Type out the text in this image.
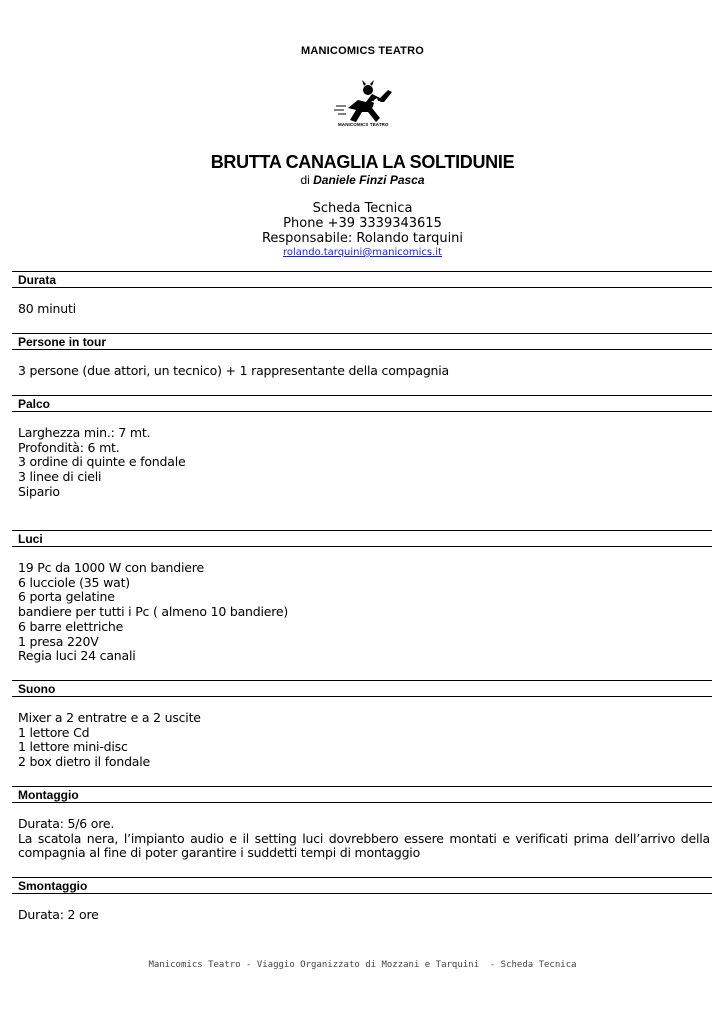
MANICOMICS TEATRO
MANICOMICS TEATRO
BRUTTA CANAGLIA LA SOLTIDUNIE
di Daniele Finzi Pasca
Scheda Tecnica
Phone +39 3339343615
Responsabile: Rolando tarquini
rolando.tarquini@manicomics.it
Durata
80 minuti
Persone in tour
3 persone (due attori, un tecnico) + 1 rappresentante della compagnia
Palco
Larghezza min.: 7 mt.
Profondità: 6 mt.
3 ordine di quinte e fondale
3 linee di cieli
Sipario
Luci
19 Pc da 1000 W con bandiere
6 lucciole (35 wat)
6 porta gelatine
bandiere per tutti i Pc ( almeno 10 bandiere)
6 barre elettriche
1 presa 220V
Regia luci 24 canali
Suono
Mixer a 2 entratre e a 2 uscite
1 lettore Cd
1 lettore mini-disc
2 box dietro il fondale
Montaggio
Durata: 5/6 ore.
La scatola nera, l’impianto audio e il setting luci dovrebbero essere montati e verificati prima dell’arrivo della compagnia al fine di poter garantire i suddetti tempi di montaggio
Smontaggio
Durata: 2 ore
Manicomics Teatro - Viaggio Organizzato di Mozzani e Tarquini  - Scheda Tecnica
